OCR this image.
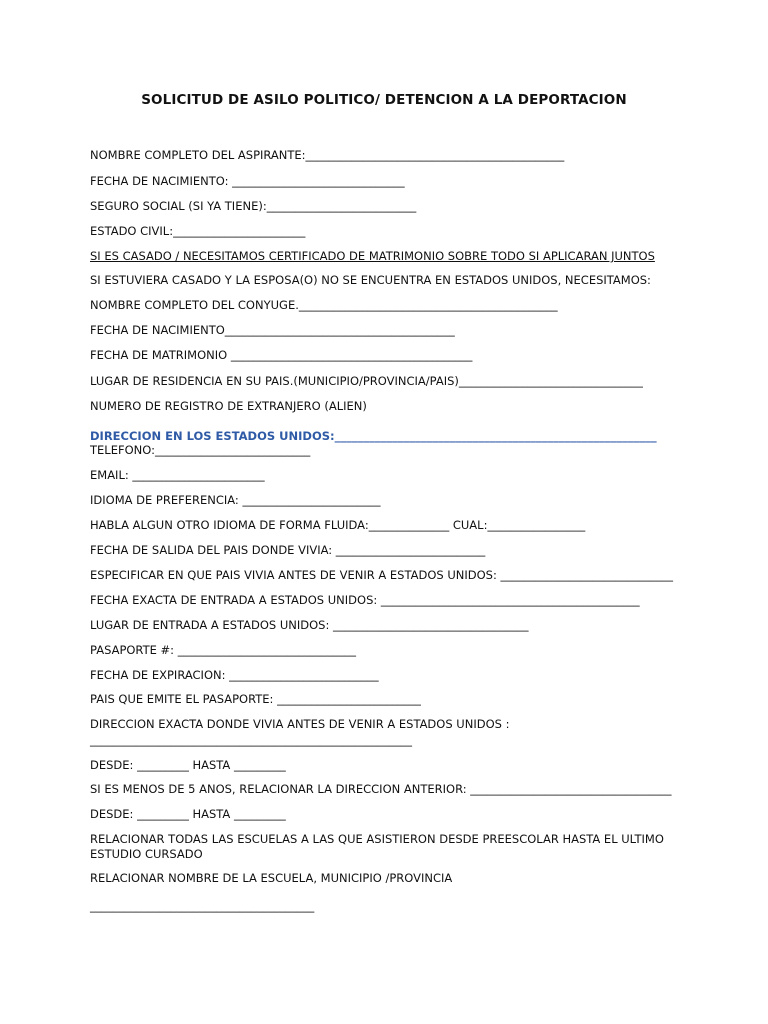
SOLICITUD DE ASILO POLITICO/ DETENCION A LA DEPORTACION
NOMBRE COMPLETO DEL ASPIRANTE:_____________________________________________
FECHA DE NACIMIENTO: ______________________________
SEGURO SOCIAL (SI YA TIENE):__________________________
ESTADO CIVIL:_______________________
SI ES CASADO / NECESITAMOS CERTIFICADO DE MATRIMONIO SOBRE TODO SI APLICARAN JUNTOS
SI ESTUVIERA CASADO Y LA ESPOSA(O) NO SE ENCUENTRA EN ESTADOS UNIDOS, NECESITAMOS:
NOMBRE COMPLETO DEL CONYUGE._____________________________________________
FECHA DE NACIMIENTO________________________________________
FECHA DE MATRIMONIO __________________________________________
LUGAR DE RESIDENCIA EN SU PAIS.(MUNICIPIO/PROVINCIA/PAIS)________________________________
NUMERO DE REGISTRO DE EXTRANJERO (ALIEN)
DIRECCION EN LOS ESTADOS UNIDOS:________________________________________________________
TELEFONO:___________________________
EMAIL: _______________________
IDIOMA DE PREFERENCIA: ________________________
HABLA ALGUN OTRO IDIOMA DE FORMA FLUIDA:______________ CUAL:_________________
FECHA DE SALIDA DEL PAIS DONDE VIVIA: __________________________
ESPECIFICAR EN QUE PAIS VIVIA ANTES DE VENIR A ESTADOS UNIDOS: ______________________________
FECHA EXACTA DE ENTRADA A ESTADOS UNIDOS: _____________________________________________
LUGAR DE ENTRADA A ESTADOS UNIDOS: __________________________________
PASAPORTE #: _______________________________
FECHA DE EXPIRACION: __________________________
PAIS QUE EMITE EL PASAPORTE: _________________________
DIRECCION EXACTA DONDE VIVIA ANTES DE VENIR A ESTADOS UNIDOS :
________________________________________________________
DESDE: _________ HASTA _________
SI ES MENOS DE 5 ANOS, RELACIONAR LA DIRECCION ANTERIOR: ___________________________________
DESDE: _________ HASTA _________
RELACIONAR TODAS LAS ESCUELAS A LAS QUE ASISTIERON DESDE PREESCOLAR HASTA EL ULTIMO ESTUDIO CURSADO
RELACIONAR NOMBRE DE LA ESCUELA, MUNICIPIO /PROVINCIA
_______________________________________
